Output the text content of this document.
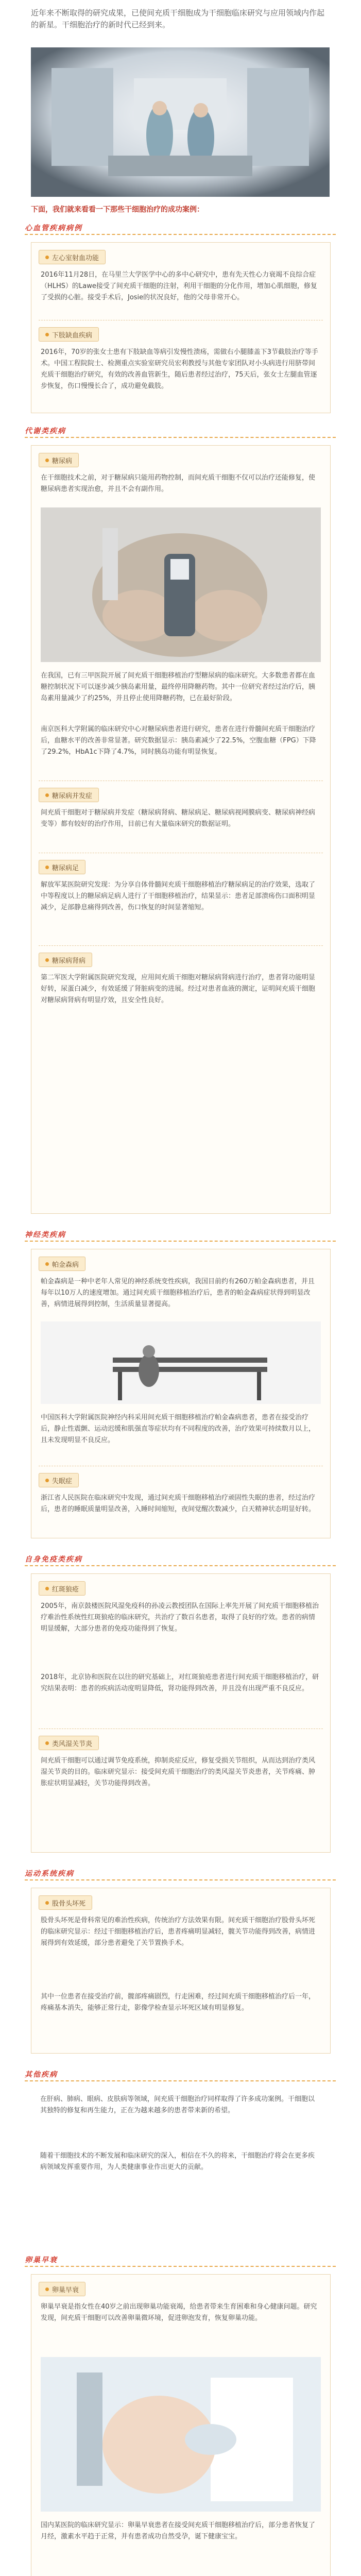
近年来不断取得的研究成果，已使间充质干细胞成为干细胞临床研究与应用领域内作起的新星。干细胞治疗的新时代已经到来。
下面，我们就来看看一下那些干细胞治疗的成功案例：
心血管疾病病例
左心室射血功能
2016年11月28日，在马里兰大学医学中心的多中心研究中，患有先天性心力衰竭不良综合症（HLHS）的Lawe接受了间充质干细胞的注射，利用干细胞的分化作用，增加心肌细胞，修复了受损的心脏。接受手术后，Josie的状况良好，他的父母非常开心。
下肢缺血疾病
2016年，70岁的张女士患有下肢缺血等病引发慢性溃疡，需做右小腿膝盖下3节截肢治疗等手术。中国工程院院士、检测重点实验室研究员宏利教授与其他专家团队对小头病进行用脐带间充质干细胞治疗研究，有效的改善血管新生，随后患者经过治疗，75天后，张女士左腿血管逐步恢复，伤口慢慢长合了，成功避免截肢。
代谢类疾病
糖尿病
在干细胞技术之前，对于糖尿病只能用药物控制，而间充质干细胞不仅可以治疗还能修复，使糖尿病患者实现治愈，并且不会有副作用。
在我国，已有三甲医院开展了间充质干细胞移植治疗型糖尿病的临床研究。大多数患者都在血糖控制状况下可以逐步减少胰岛素用量，最终停用降糖药物。其中一位研究者经过治疗后，胰岛素用量减少了约25%，并且停止使用降糖药物，已在最好阶段。
南京医科大学附属的临床研究中心对糖尿病患者进行研究，患者在进行骨髓间充质干细胞治疗后，血糖水平的改善非常显著。研究数据显示：胰岛素减少了22.5%，空腹血糖（FPG）下降了29.2%，HbA1c下降了4.7%，同时胰岛功能有明显恢复。
糖尿病并发症
间充质干细胞对于糖尿病并发症（糖尿病肾病、糖尿病足、糖尿病视网膜病变、糖尿病神经病变等）都有较好的治疗作用，目前已有大量临床研究的数据证明。
糖尿病足
解放军某医院研究发现：为分享自体骨髓间充质干细胞移植治疗糖尿病足的治疗效果，选取了中等程度以上的糖尿病足病人进行了干细胞移植治疗，结果显示：患者足部溃疡伤口面积明显减少，足部静息痛得到改善，伤口恢复的时间显著缩短。
糖尿病肾病
第二军医大学附属医院研究发现，应用间充质干细胞对糖尿病肾病进行治疗，患者肾功能明显好转，尿蛋白减少，有效延缓了肾脏病变的进展。经过对患者血液的测定，证明间充质干细胞对糖尿病肾病有明显疗效，且安全性良好。
神经类疾病
帕金森病
帕金森病是一种中老年人常见的神经系统变性疾病，我国目前约有260万帕金森病患者，并且每年以10万人的速度增加。通过间充质干细胞移植治疗后，患者的帕金森病症状得到明显改善，病情进展得到控制，生活质量显著提高。
中国医科大学附属医院神经内科采用间充质干细胞移植治疗帕金森病患者，患者在接受治疗后，静止性震颤、运动迟缓和肌强直等症状均有不同程度的改善，治疗效果可持续数月以上，且未发现明显不良反应。
失眠症
浙江省人民医院在临床研究中发现，通过间充质干细胞移植治疗顽固性失眠的患者，经过治疗后，患者的睡眠质量明显改善，入睡时间缩短，夜间觉醒次数减少，白天精神状态明显好转。
自身免疫类疾病
红斑狼疮
2005年，南京鼓楼医院风湿免疫科的孙凌云教授团队在国际上率先开展了间充质干细胞移植治疗难治性系统性红斑狼疮的临床研究，共治疗了数百名患者，取得了良好的疗效。患者的病情明显缓解，大部分患者的免疫功能得到了恢复。
2018年，北京协和医院在以往的研究基础上，对红斑狼疮患者进行间充质干细胞移植治疗，研究结果表明：患者的疾病活动度明显降低，肾功能得到改善，并且没有出现严重不良反应。
类风湿关节炎
间充质干细胞可以通过调节免疫系统，抑制炎症反应，修复受损关节组织，从而达到治疗类风湿关节炎的目的。临床研究显示：接受间充质干细胞治疗的类风湿关节炎患者，关节疼痛、肿胀症状明显减轻，关节功能得到改善。
运动系统疾病
股骨头坏死
股骨头坏死是骨科常见的难治性疾病，传统治疗方法效果有限。间充质干细胞治疗股骨头坏死的临床研究显示：经过干细胞移植治疗后，患者疼痛明显减轻，髋关节功能得到改善，病情进展得到有效延缓，部分患者避免了关节置换手术。
其中一位患者在接受治疗前，髋部疼痛剧烈，行走困难，经过间充质干细胞移植治疗后一年，疼痛基本消失，能够正常行走，影像学检查显示坏死区域有明显修复。
其他疾病
在肝病、肺病、眼病、皮肤病等领域，间充质干细胞治疗同样取得了许多成功案例。干细胞以其独特的修复和再生能力，正在为越来越多的患者带来新的希望。
随着干细胞技术的不断发展和临床研究的深入，相信在不久的将来，干细胞治疗将会在更多疾病领域发挥重要作用，为人类健康事业作出更大的贡献。
卵巢早衰
卵巢早衰
卵巢早衰是指女性在40岁之前出现卵巢功能衰竭，给患者带来生育困难和身心健康问题。研究发现，间充质干细胞可以改善卵巢微环境，促进卵泡发育，恢复卵巢功能。
国内某医院的临床研究显示：卵巢早衰患者在接受间充质干细胞移植治疗后，部分患者恢复了月经，激素水平趋于正常，并有患者成功自然受孕，诞下健康宝宝。
